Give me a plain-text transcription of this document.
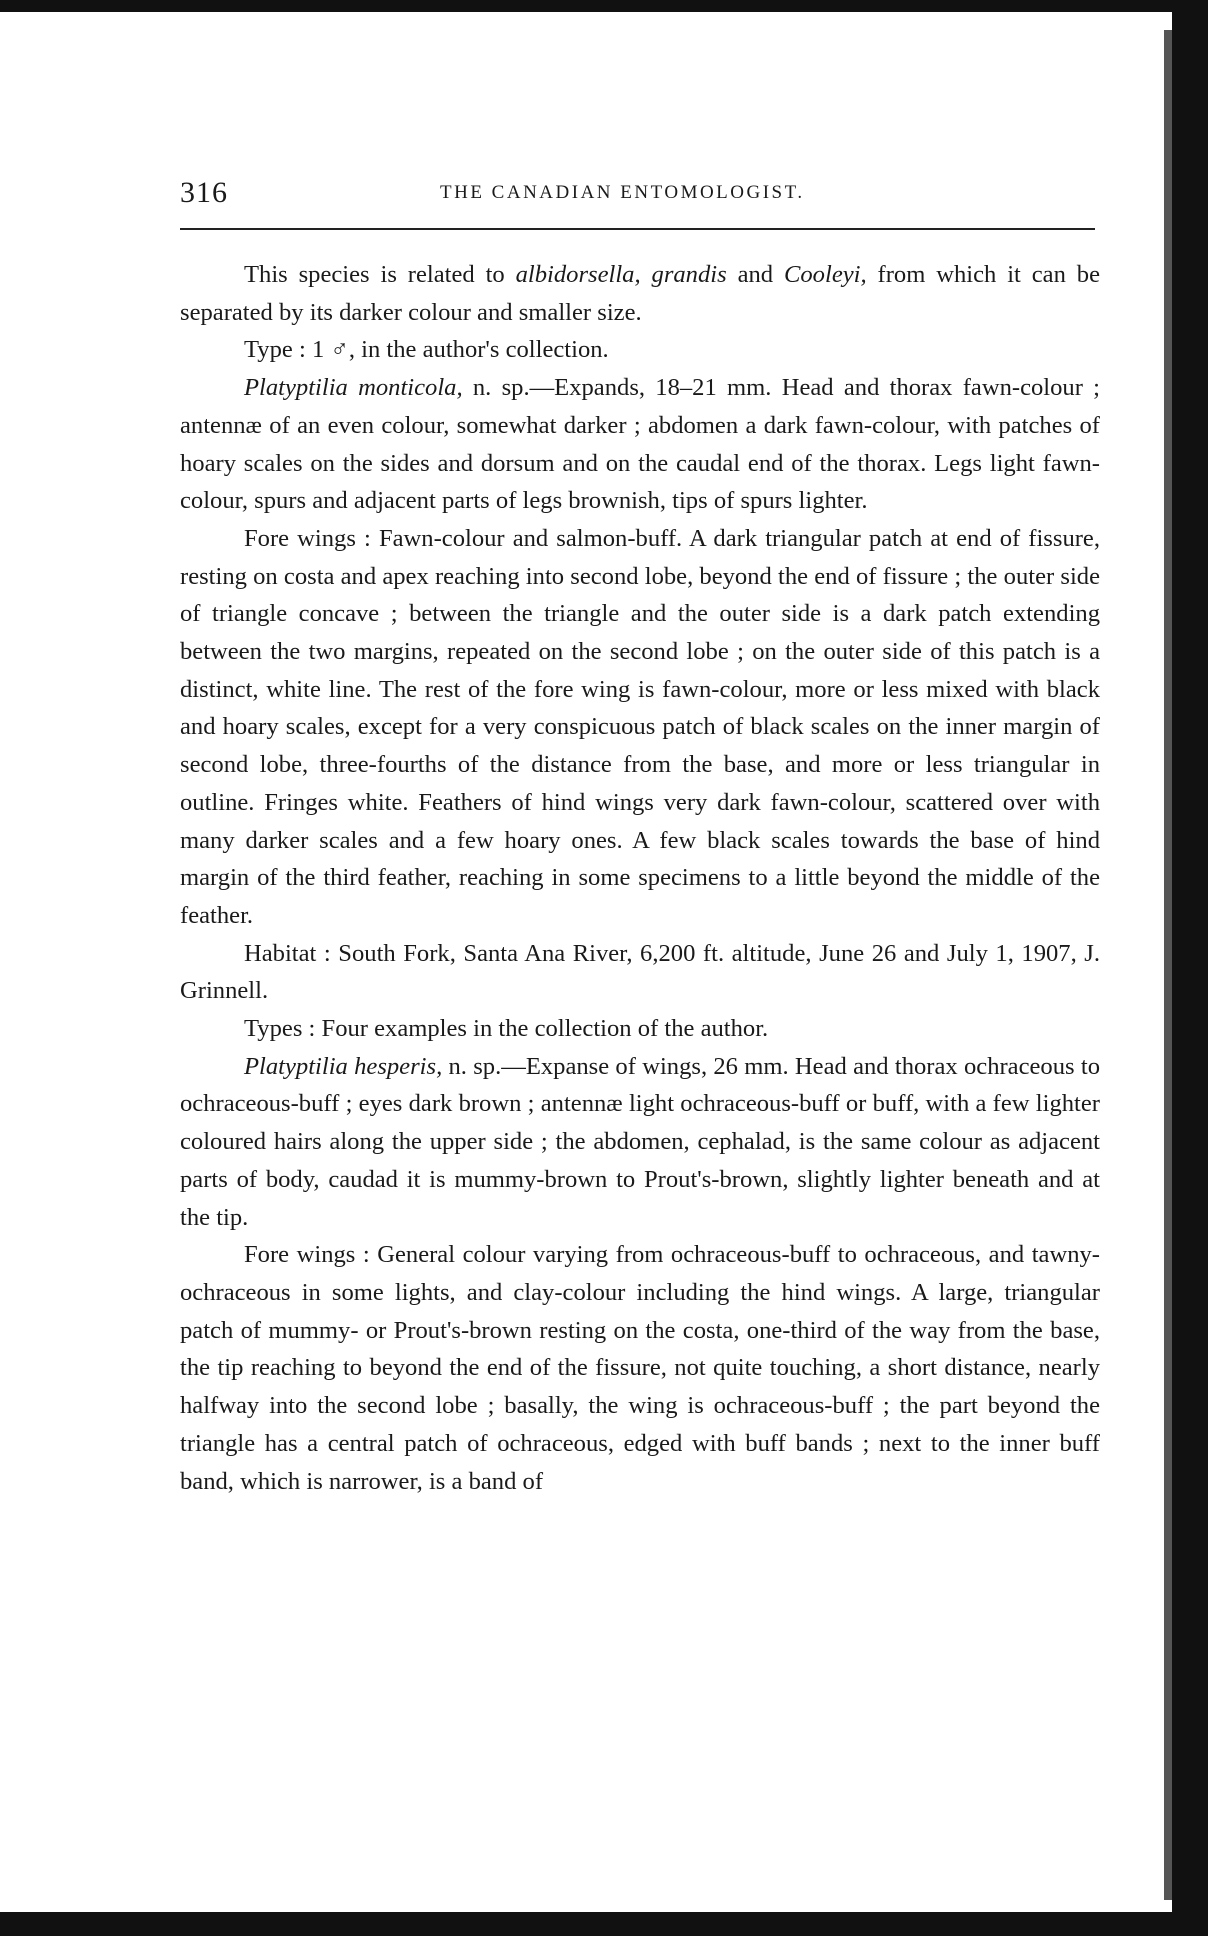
316	THE CANADIAN ENTOMOLOGIST.

This species is related to albidorsella, grandis and Cooleyi, from which it can be separated by its darker colour and smaller size.

Type : 1 ♂, in the author's collection.

Platyptilia monticola, n. sp.—Expands, 18–21 mm. Head and thorax fawn-colour ; antennæ of an even colour, somewhat darker ; abdomen a dark fawn-colour, with patches of hoary scales on the sides and dorsum and on the caudal end of the thorax. Legs light fawn-colour, spurs and adjacent parts of legs brownish, tips of spurs lighter.

Fore wings : Fawn-colour and salmon-buff. A dark triangular patch at end of fissure, resting on costa and apex reaching into second lobe, beyond the end of fissure ; the outer side of triangle concave ; between the triangle and the outer side is a dark patch extending between the two margins, repeated on the second lobe ; on the outer side of this patch is a distinct, white line. The rest of the fore wing is fawn-colour, more or less mixed with black and hoary scales, except for a very conspicuous patch of black scales on the inner margin of second lobe, three-fourths of the distance from the base, and more or less triangular in outline. Fringes white. Feathers of hind wings very dark fawn-colour, scattered over with many darker scales and a few hoary ones. A few black scales towards the base of hind margin of the third feather, reaching in some specimens to a little beyond the middle of the feather.

Habitat : South Fork, Santa Ana River, 6,200 ft. altitude, June 26 and July 1, 1907, J. Grinnell.

Types : Four examples in the collection of the author.

Platyptilia hesperis, n. sp.—Expanse of wings, 26 mm. Head and thorax ochraceous to ochraceous-buff ; eyes dark brown ; antennæ light ochraceous-buff or buff, with a few lighter coloured hairs along the upper side ; the abdomen, cephalad, is the same colour as adjacent parts of body, caudad it is mummy-brown to Prout's-brown, slightly lighter beneath and at the tip.

Fore wings : General colour varying from ochraceous-buff to ochraceous, and tawny-ochraceous in some lights, and clay-colour including the hind wings. A large, triangular patch of mummy- or Prout's-brown resting on the costa, one-third of the way from the base, the tip reaching to beyond the end of the fissure, not quite touching, a short distance, nearly halfway into the second lobe ; basally, the wing is ochraceous-buff ; the part beyond the triangle has a central patch of ochraceous, edged with buff bands ; next to the inner buff band, which is narrower, is a band of
